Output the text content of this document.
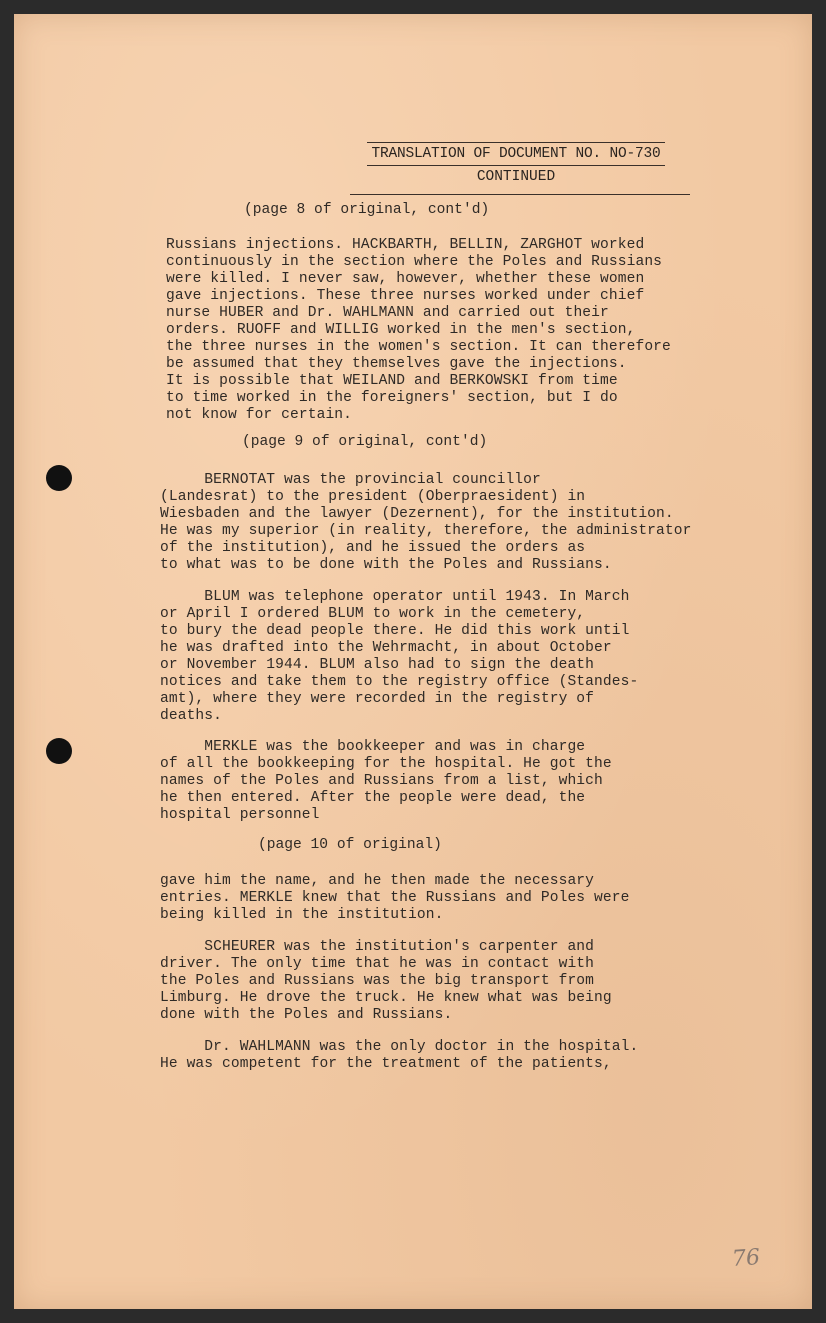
TRANSLATION OF DOCUMENT NO. NO-730
CONTINUED
(page 8 of original, cont'd)
Russians injections. HACKBARTH, BELLIN, ZARGHOT worked
continuously in the section where the Poles and Russians
were killed. I never saw, however, whether these women
gave injections. These three nurses worked under chief
nurse HUBER and Dr. WAHLMANN and carried out their
orders. RUOFF and WILLIG worked in the men's section,
the three nurses in the women's section. It can therefore
be assumed that they themselves gave the injections.
It is possible that WEILAND and BERKOWSKI from time
to time worked in the foreigners' section, but I do
not know for certain.
(page 9 of original, cont'd)
BERNOTAT was the provincial councillor
(Landesrat) to the president (Oberpraesident) in
Wiesbaden and the lawyer (Dezernent), for the institution.
He was my superior (in reality, therefore, the administrator
of the institution), and he issued the orders as
to what was to be done with the Poles and Russians.
BLUM was telephone operator until 1943. In March
or April I ordered BLUM to work in the cemetery,
to bury the dead people there. He did this work until
he was drafted into the Wehrmacht, in about October
or November 1944. BLUM also had to sign the death
notices and take them to the registry office (Standes-
amt), where they were recorded in the registry of
deaths.
MERKLE was the bookkeeper and was in charge
of all the bookkeeping for the hospital. He got the
names of the Poles and Russians from a list, which
he then entered. After the people were dead, the
hospital personnel
(page 10 of original)
gave him the name, and he then made the necessary
entries. MERKLE knew that the Russians and Poles were
being killed in the institution.
SCHEURER was the institution's carpenter and
driver. The only time that he was in contact with
the Poles and Russians was the big transport from
Limburg. He drove the truck. He knew what was being
done with the Poles and Russians.
Dr. WAHLMANN was the only doctor in the hospital.
He was competent for the treatment of the patients,
76
